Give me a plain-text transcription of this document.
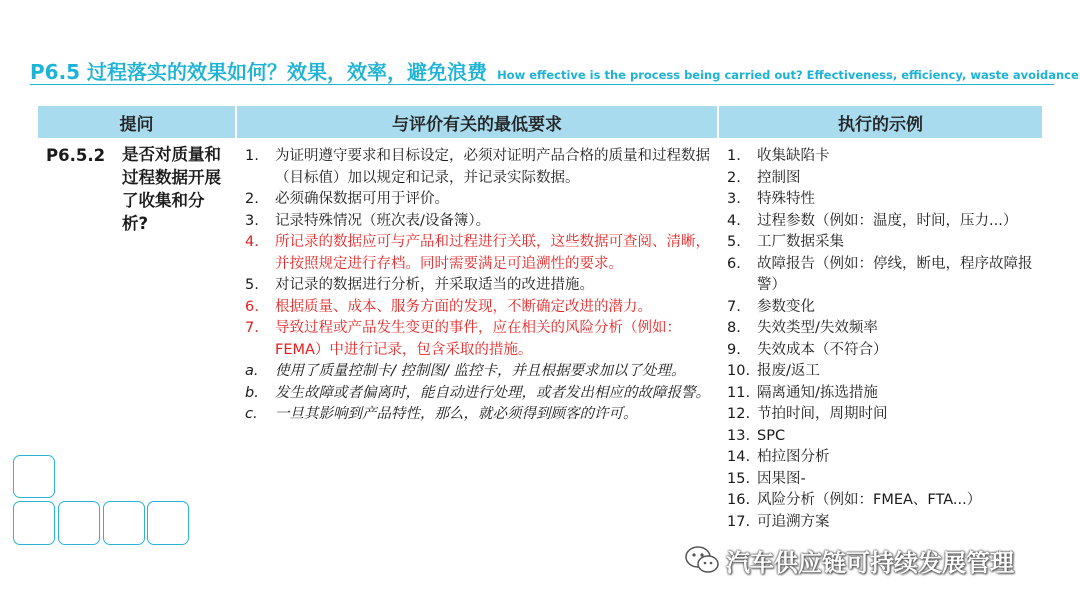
P6.5 过程落实的效果如何？效果，效率，避免浪费 How effective is the process being carried out? Effectiveness, efficiency, waste avoidance
提问	与评价有关的最低要求	执行的示例
P6.5.2	是否对质量和过程数据开展了收集和分析?
1.	为证明遵守要求和目标设定，必须对证明产品合格的质量和过程数据（目标值）加以规定和记录，并记录实际数据。
2.	必须确保数据可用于评价。
3.	记录特殊情况（班次表/设备簿）。
4.	所记录的数据应可与产品和过程进行关联，这些数据可查阅、清晰，并按照规定进行存档。同时需要满足可追溯性的要求。
5.	对记录的数据进行分析，并采取适当的改进措施。
6.	根据质量、成本、服务方面的发现，不断确定改进的潜力。
7.	导致过程或产品发生变更的事件，应在相关的风险分析（例如：FEMA）中进行记录，包含采取的措施。
a.	使用了质量控制卡/ 控制图/ 监控卡，并且根据要求加以了处理。
b.	发生故障或者偏离时，能自动进行处理，或者发出相应的故障报警。
c.	一旦其影响到产品特性，那么，就必须得到顾客的许可。
1.	收集缺陷卡
2.	控制图
3.	特殊特性
4.	过程参数（例如：温度，时间，压力...）
5.	工厂数据采集
6.	故障报告（例如：停线，断电，程序故障报警）
7.	参数变化
8.	失效类型/失效频率
9.	失效成本（不符合）
10. 报废/返工
11. 隔离通知/拣选措施
12. 节拍时间，周期时间
13. SPC
14. 柏拉图分析
15. 因果图-
16. 风险分析（例如：FMEA、FTA...）
17. 可追溯方案
汽车供应链可持续发展管理
